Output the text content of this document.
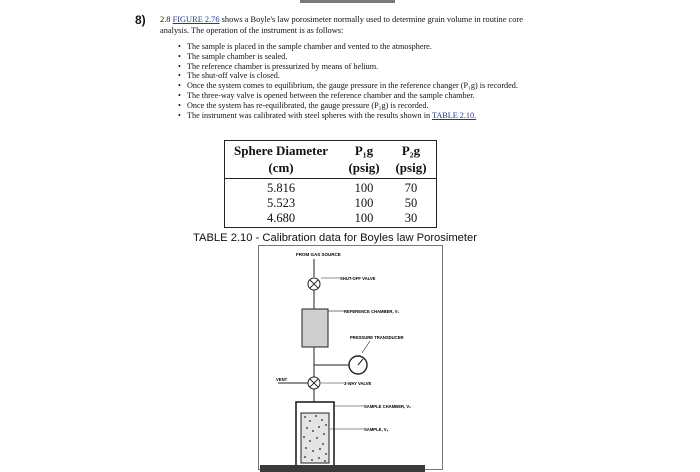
8) 2.8 FIGURE 2.76 shows a Boyle's law porosimeter normally used to determine grain volume in routine core analysis. The operation of the instrument is as follows:
• The sample is placed in the sample chamber and vented to the atmosphere.
• The sample chamber is sealed.
• The reference chamber is pressurized by means of helium.
• The shut-off valve is closed.
• Once the system comes to equilibrium, the gauge pressure in the reference changer (P₁g) is recorded.
• The three-way valve is opened between the reference chamber and the sample chamber.
• Once the system has re-equilibrated, the gauge pressure (P₂g) is recorded.
• The instrument was calibrated with steel spheres with the results shown in TABLE 2.10.
Sphere Diameter	P₁g	P₂g
(cm)	(psig)	(psig)
5.816	100	70
5.523	100	50
4.680	100	30
TABLE 2.10 - Calibration data for Boyles law Porosimeter
FROM GAS SOURCE
SHUT-OFF VALVE
REFERENCE CHAMBER, V₁
PRESSURE TRANSDUCER
VENT
3-WAY VALVE
SAMPLE CHAMBER, V₂
SAMPLE, Vₛ
